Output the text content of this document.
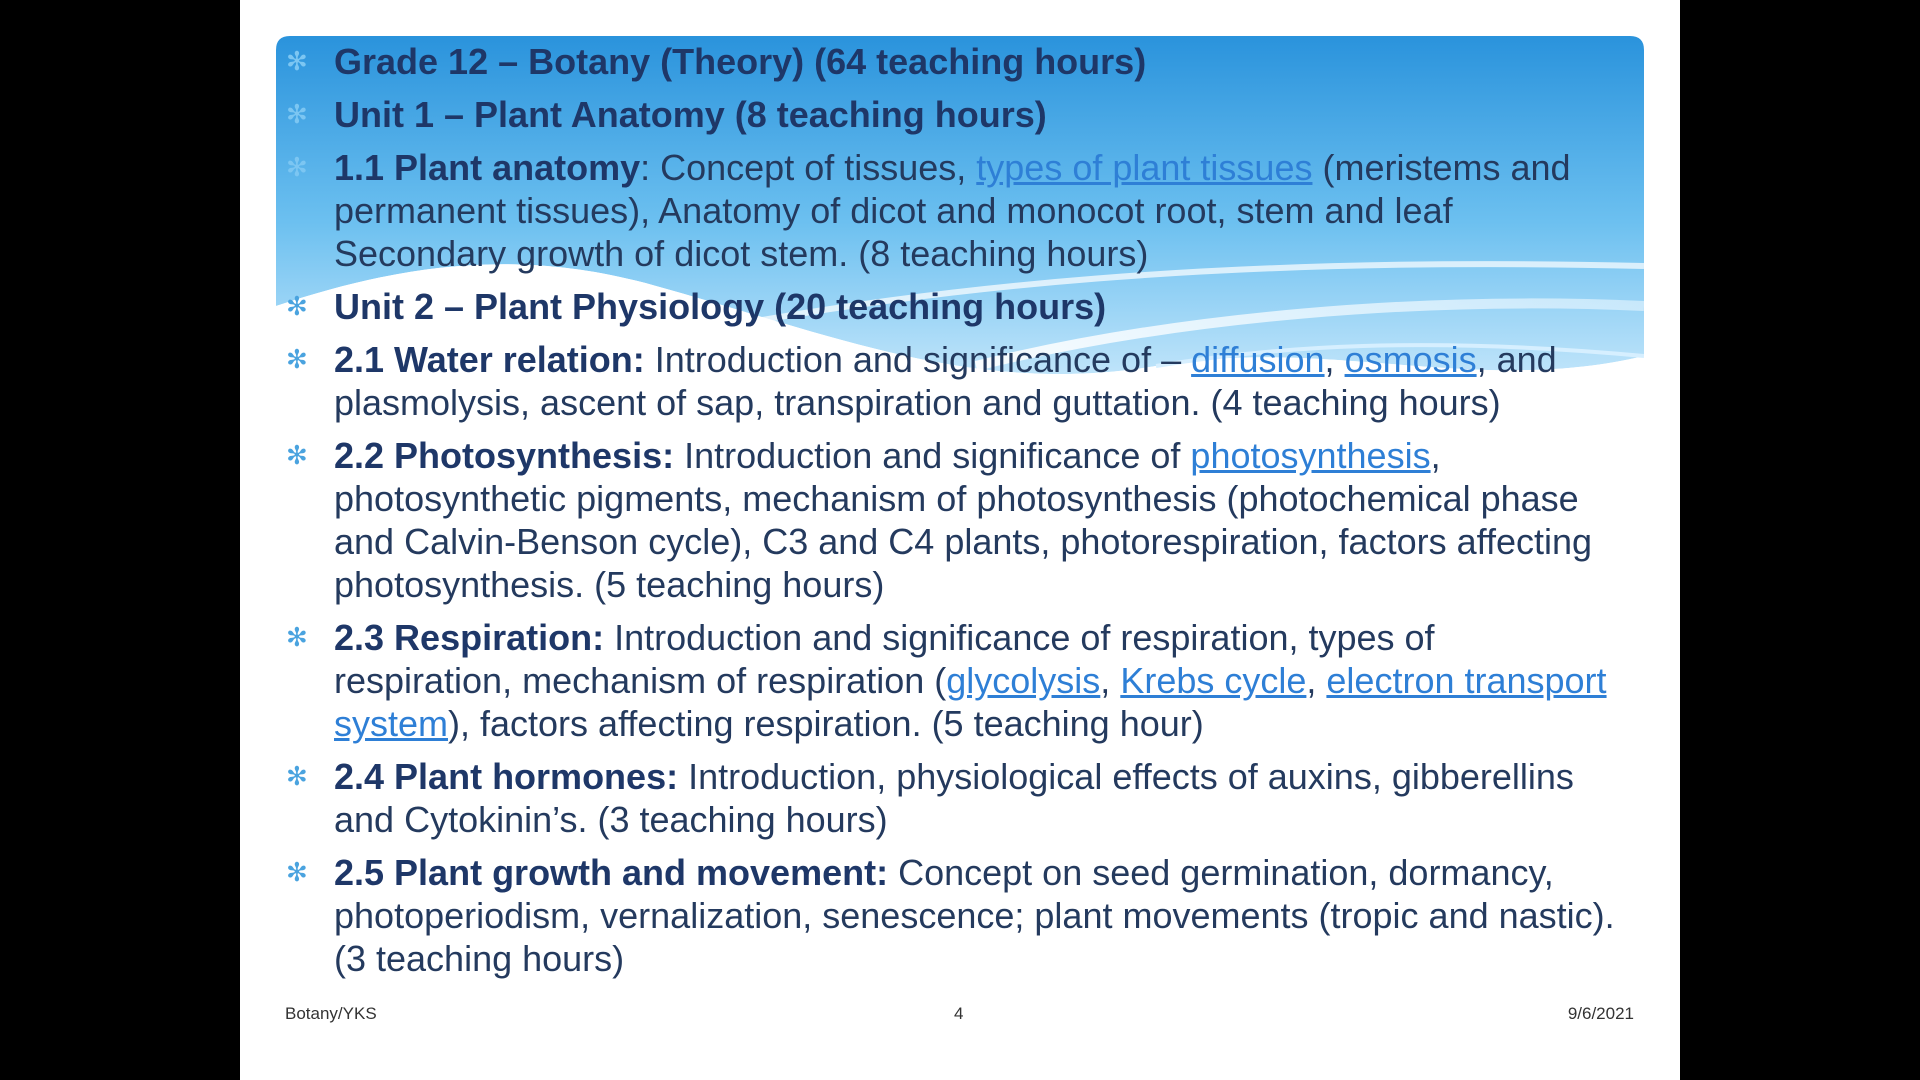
✻ Grade 12 – Botany (Theory) (64 teaching hours)
✻ Unit 1 – Plant Anatomy (8 teaching hours)
✻ 1.1 Plant anatomy: Concept of tissues, types of plant tissues (meristems and permanent tissues), Anatomy of dicot and monocot root, stem and leaf Secondary growth of dicot stem. (8 teaching hours)
✻ Unit 2 – Plant Physiology (20 teaching hours)
✻ 2.1 Water relation: Introduction and significance of – diffusion, osmosis, and plasmolysis, ascent of sap, transpiration and guttation. (4 teaching hours)
✻ 2.2 Photosynthesis: Introduction and significance of photosynthesis, photosynthetic pigments, mechanism of photosynthesis (photochemical phase and Calvin-Benson cycle), C3 and C4 plants, photorespiration, factors affecting photosynthesis. (5 teaching hours)
✻ 2.3 Respiration: Introduction and significance of respiration, types of respiration, mechanism of respiration (glycolysis, Krebs cycle, electron transport system), factors affecting respiration. (5 teaching hour)
✻ 2.4 Plant hormones: Introduction, physiological effects of auxins, gibberellins and Cytokinin’s. (3 teaching hours)
✻ 2.5 Plant growth and movement: Concept on seed germination, dormancy, photoperiodism, vernalization, senescence; plant movements (tropic and nastic). (3 teaching hours)
Botany/YKS	4	9/6/2021
